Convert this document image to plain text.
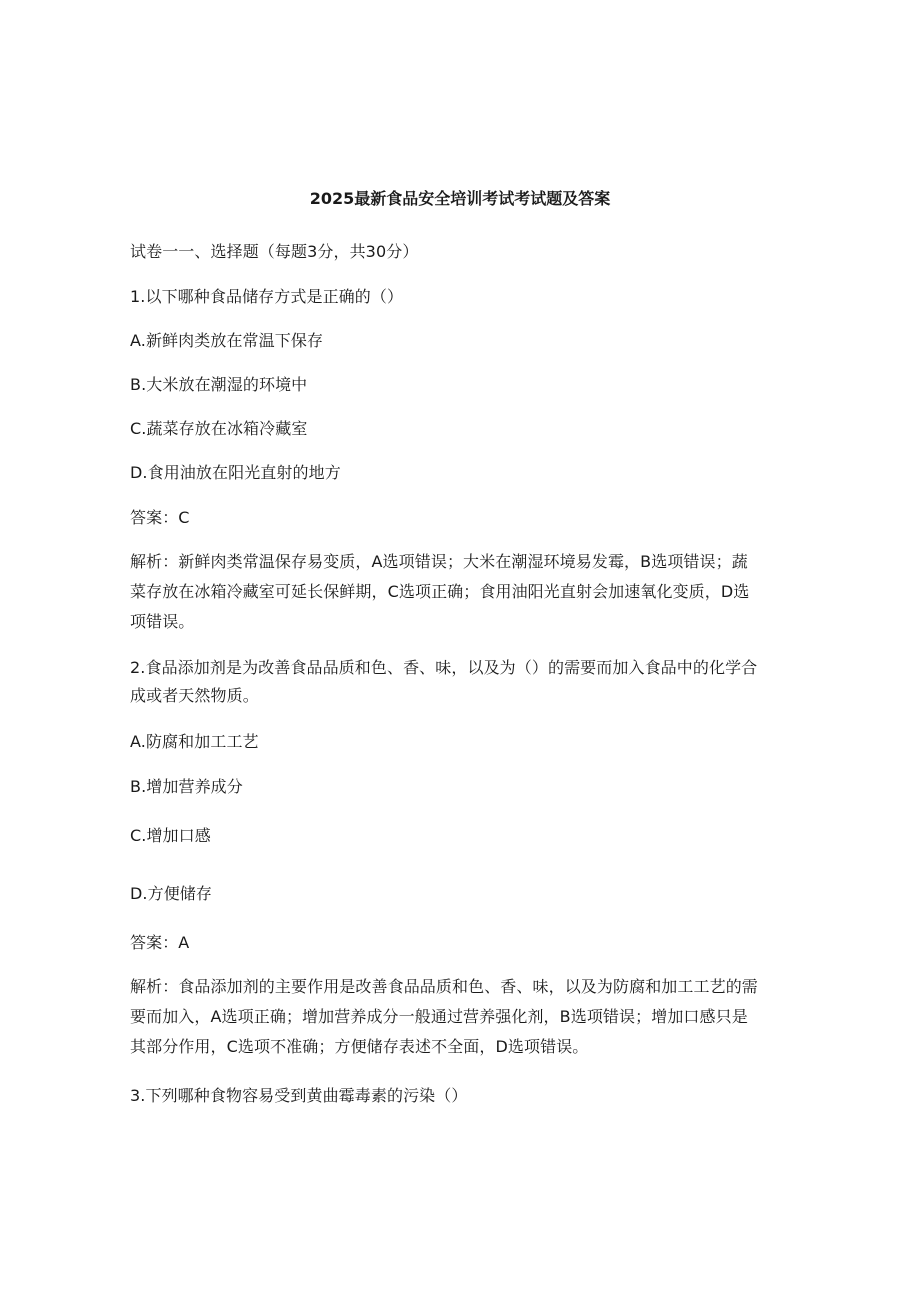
2025最新食品安全培训考试考试题及答案
试卷一一、选择题（每题3分，共30分）
1.以下哪种食品储存方式是正确的（）
A.新鲜肉类放在常温下保存
B.大米放在潮湿的环境中
C.蔬菜存放在冰箱冷藏室
D.食用油放在阳光直射的地方
答案：C
解析：新鲜肉类常温保存易变质，A选项错误；大米在潮湿环境易发霉，B选项错误；蔬
菜存放在冰箱冷藏室可延长保鲜期，C选项正确；食用油阳光直射会加速氧化变质，D选
项错误。
2.食品添加剂是为改善食品品质和色、香、味，以及为（）的需要而加入食品中的化学合
成或者天然物质。
A.防腐和加工工艺
B.增加营养成分
C.增加口感
D.方便储存
答案：A
解析：食品添加剂的主要作用是改善食品品质和色、香、味，以及为防腐和加工工艺的需
要而加入，A选项正确；增加营养成分一般通过营养强化剂，B选项错误；增加口感只是
其部分作用，C选项不准确；方便储存表述不全面，D选项错误。
3.下列哪种食物容易受到黄曲霉毒素的污染（）
